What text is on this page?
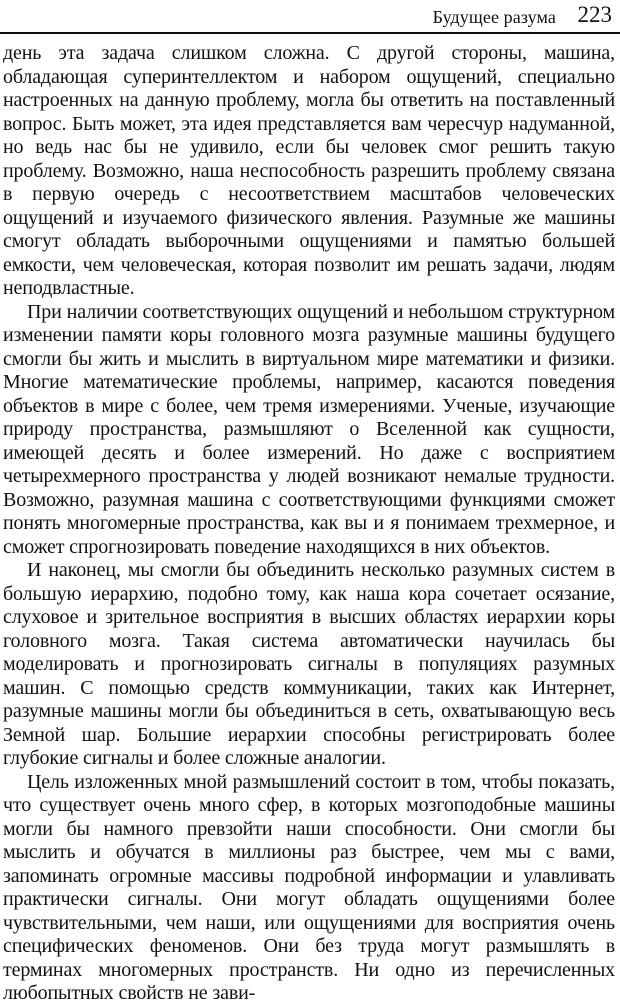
Будущее разума 223

день эта задача слишком сложна. С другой стороны, машина, обладающая суперинтеллектом и набором ощущений, специально настроенных на данную проблему, могла бы ответить на поставленный вопрос. Быть может, эта идея представляется вам чересчур надуманной, но ведь нас бы не удивило, если бы человек смог решить такую проблему. Возможно, наша неспособность разрешить проблему связана в первую очередь с несоответствием масштабов человеческих ощущений и изучаемого физического явления. Разумные же машины смогут обладать выборочными ощущениями и памятью большей емкости, чем человеческая, которая позволит им решать задачи, людям неподвластные.

При наличии соответствующих ощущений и небольшом структурном изменении памяти коры головного мозга разумные машины будущего смогли бы жить и мыслить в виртуальном мире математики и физики. Многие математические проблемы, например, касаются поведения объектов в мире с более, чем тремя измерениями. Ученые, изучающие природу пространства, размышляют о Вселенной как сущности, имеющей десять и более измерений. Но даже с восприятием четырехмерного пространства у людей возникают немалые трудности. Возможно, разумная машина с соответствующими функциями сможет понять многомерные пространства, как вы и я понимаем трехмерное, и сможет спрогнозировать поведение находящихся в них объектов.

И наконец, мы смогли бы объединить несколько разумных систем в большую иерархию, подобно тому, как наша кора сочетает осязание, слуховое и зрительное восприятия в высших областях иерархии коры головного мозга. Такая система автоматически научилась бы моделировать и прогнозировать сигналы в популяциях разумных машин. С помощью средств коммуникации, таких как Интернет, разумные машины могли бы объединиться в сеть, охватывающую весь Земной шар. Большие иерархии способны регистрировать более глубокие сигналы и более сложные аналогии.

Цель изложенных мной размышлений состоит в том, чтобы показать, что существует очень много сфер, в которых мозгоподобные машины могли бы намного превзойти наши способности. Они смогли бы мыслить и обучатся в миллионы раз быстрее, чем мы с вами, запоминать огромные массивы подробной информации и улавливать практически сигналы. Они могут обладать ощущениями более чувствительными, чем наши, или ощущениями для восприятия очень специфических феноменов. Они без труда могут размышлять в терминах многомерных пространств. Ни одно из перечисленных любопытных свойств не зави-
